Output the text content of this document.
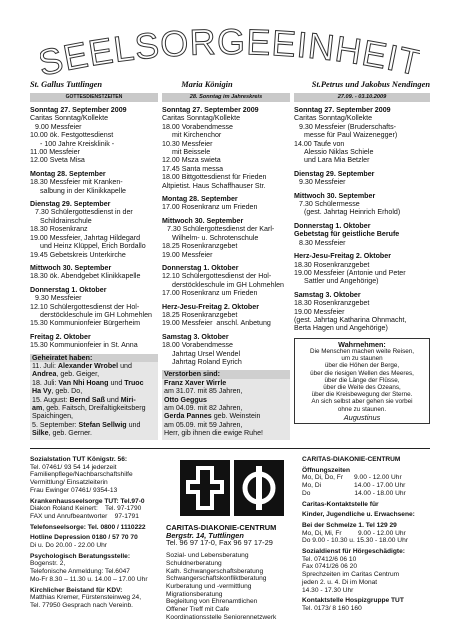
EELSORGEEINHEI
St. Gallus Tuttlingen	Maria Königin	St.Petrus und Jakobus Nendingen
GOTTESDIENSTZEITEN	28. Sonntag im Jahreskreis	27.09. - 03.10.2009
Sonntag 27. September 2009
Caritas Sonntag/Kollekte
9.00 Messfeier
10.00 ök. Festgottesdienst
- 100 Jahre Kreisklinik -
11.00 Messfeier
12.00 Sveta Misa
Montag 28. September
18.30 Messfeier mit Kranken-
salbung in der Klinikkapelle
Dienstag 29. September
7.30 Schülergottesdienst in der
Schildrainschule
18.30 Rosenkranz
19.00 Messfeier, Jahrtag Hildegard
und Heinz Klüppel, Erich Bordallo
19.45 Gebetskreis Unterkirche
Mittwoch 30. September
18.30 ök. Abendgebet Klinikkapelle
Donnerstag 1. Oktober
9.30 Messfeier
12.10 Schülergottesdienst der Hol-
derstöckleschule im GH Lohmehlen
15.30 Kommunionfeier Bürgerheim
Freitag 2. Oktober
15.30 Kommunionfeier in St. Anna
Geheiratet haben:
11. Juli: Alexander Wrobel und
Andrea, geb. Geiger,
18. Juli: Van Nhi Hoang und Truoc
Ha Vy, geb. Do,
15. August: Bernd Saß und Miri-
am, geb. Faitsch, Dreifaltigkeitsberg
Spaichingen,
5. September: Stefan Sellwig und
Silke, geb. Gerner.
Sonntag 27. September 2009
Caritas Sonntag/Kollekte
18.00 Vorabendmesse
mit Kirchenchor
10.30 Messfeier
mit Beissele
12.00 Msza swieta
17.45 Santa messa
18.00 Bittgottesdienst für Frieden
Altpietist. Haus Schaffhauser Str.
Montag 28. September
17.00 Rosenkranz um Frieden
Mittwoch 30. September
7.30 Schülergottesdienst der Karl-
Wilhelm- u. Schrotenschule
18.25 Rosenkranzgebet
19.00 Messfeier
Donnerstag 1. Oktober
12.10 Schülergottesdienst der Hol-
derstöckleschule im GH Lohmehlen
17.00 Rosenkranz um Frieden
Herz-Jesu-Freitag 2. Oktober
18.25 Rosenkranzgebet
19.00 Messfeier  anschl. Anbetung
Samstag 3. Oktober
18.00 Vorabendmesse
Jahrtag Ursel Wendel
Jahrtag Roland Eyrich
Verstorben sind:
Franz Xaver Wirrle
am 31.07. mit 85 Jahren,
Otto Geggus
am 04.09. mit 82 Jahren,
Gerda Pannes geb. Weinstein
am 05.09. mit 59 Jahren,
Herr, gib ihnen die ewige Ruhe!
Sonntag 27. September 2009
Caritas Sonntag/Kollekte
9.30 Messfeier (Bruderschafts-
messe für Paul Waizenegger)
14.00 Taufe von
Alessio Niklas Schiele
und Lara Mia Betzler
Dienstag 29. September
9.30 Messfeier
Mittwoch 30. September
7.30 Schülermesse
(gest. Jahrtag Heinrich Erhold)
Donnerstag 1. Oktober
Gebetstag für geistliche Berufe
8.30 Messfeier
Herz-Jesu-Freitag 2. Oktober
18.30 Rosenkranzgebet
19.00 Messfeier (Antonie und Peter
Sattler und Angehörige)
Samstag 3. Oktober
18.30 Rosenkranzgebet
19.00 Messfeier
(gest. Jahrtag Katharina Ohnmacht,
Berta Hagen und Angehörige)
Wahrnehmen:
Die Menschen machen weite Reisen,
um zu staunen
über die Höhen der Berge,
über die riesigen Wellen des Meeres,
über die Länge der Flüsse,
über die Weite des Ozeans,
über die Kreisbewegung der Sterne.
An sich selbst aber gehen sie vorbei
ohne zu staunen.
Augustinus
Sozialstation TUT Königstr. 56:
Tel. 07461/ 93 54 14 jederzeit
Familienpflege/Nachbarschaftshilfe
Vermittlung/ Einsatzleiterin
Frau Ewinger 07461/ 9354-13
Krankenhausseelsorge TUT: Tel.97-0
Diakon Roland Keinert:    Tel. 97-1790
FAX und Anrufbeantworter    97-1791
Telefonseelsorge: Tel. 0800 / 1110222
Hotline Depression 0180 / 57 70 70
Di u. Do 20.00 - 22.00 Uhr
Psychologisch Beratungsstelle:
Bogenstr. 2,
Telefonische Anmeldung: Tel.6047
Mo-Fr 8.30 – 11.30 u. 14.00 – 17.00 Uhr
Kirchlicher Beistand für KDV:
Matthias Kremer, Fürstensteinweg 24,
Tel. 77950 Gesprach nach Vereinb.
CARITAS-DIAKONIE-CENTRUM
Bergstr. 14, Tuttlingen
Tel. 96 97 17-0, Fax 96 97 17-29
Sozial- und Lebensberatung
Schuldnerberatung
Kath. Schwangerschaftsberatung
Schwangerschaftskonfliktberatung
Kurberatung und -vermittlung
Migrationsberatung
Begleitung von Ehrenamtlichen
Offener Treff mit Cafe
Koordinationsstelle Seniorennetzwerk
CARITAS-DIAKONIE-CENTRUM
Öffnungszeiten
Mo, Di, Do, Fr      9.00 - 12.00 Uhr
Mo, Di                  14.00 - 17.00 Uhr
Do                        14.00 - 18.00 Uhr
Caritas-Kontaktstelle für
Kinder, Jugendliche u. Erwachsene:
Bei der Schmelze 1. Tel 129 29
Mo, Di, Mi, Fr         9.00 - 12.00 Uhr
Do 9.00 - 10.30 u. 15.30 - 18.00 Uhr
Sozialdienst für Hörgeschädigte:
Tel. 07412/6 06 10
Fax 0741/26 06 20
Sprechzeiten im Caritas Centrum
jeden 2. u. 4. Di im Monat
14.30 - 17.30 Uhr
Kontaktstelle Hospizgruppe TUT
Tel. 0173/ 8 160 160
